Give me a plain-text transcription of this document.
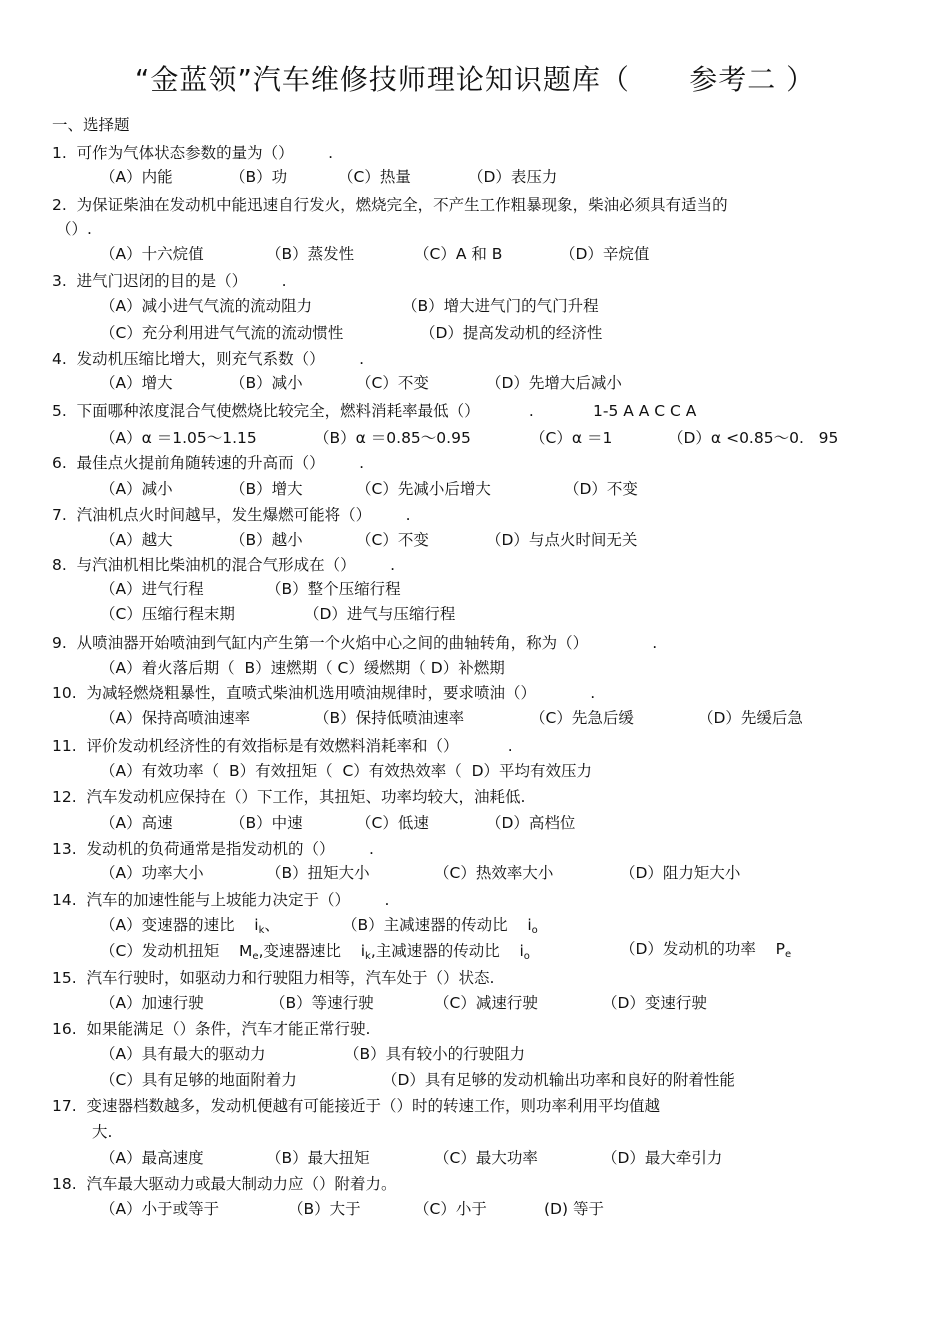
“金蓝领”汽车维修技师理论知识题库（      参考二 ）
一、选择题
1.  可作为气体状态参数的量为（）       .
（A）内能	（B）功	（C）热量	（D）表压力
2.  为保证柴油在发动机中能迅速自行发火，燃烧完全，不产生工作粗暴现象，柴油必须具有适当的
（）.
（A）十六烷值	（B）蒸发性	（C）A 和 B	（D）辛烷值
3.  进气门迟闭的目的是（）       .
（A）减小进气气流的流动阻力	（B）增大进气门的气门升程
（C）充分利用进气气流的流动惯性	（D）提高发动机的经济性
4.  发动机压缩比增大，则充气系数（）       .
（A）增大	（B）减小	（C）不变	（D）先增大后减小
5.  下面哪种浓度混合气使燃烧比较完全，燃料消耗率最低（）          .	1-5 A A C C A
（A）α ＝1.05～1.15	（B）α ＝0.85～0.95	（C）α ＝1	（D）α <0.85～0.   95
6.  最佳点火提前角随转速的升高而（）       .
（A）减小	（B）增大	（C）先减小后增大	（D）不变
7.  汽油机点火时间越早，发生爆燃可能将（）       .
（A）越大	（B）越小	（C）不变	（D）与点火时间无关
8.  与汽油机相比柴油机的混合气形成在（）       .
（A）进气行程	（B）整个压缩行程
（C）压缩行程末期	（D）进气与压缩行程
9.  从喷油器开始喷油到气缸内产生第一个火焰中心之间的曲轴转角，称为（）             .
（A）着火落后期（  B）速燃期（ C）缓燃期（ D）补燃期
10.  为减轻燃烧粗暴性，直喷式柴油机选用喷油规律时，要求喷油（）           .
（A）保持高喷油速率	（B）保持低喷油速率	（C）先急后缓	（D）先缓后急
11.  评价发动机经济性的有效指标是有效燃料消耗率和（）          .
（A）有效功率（  B）有效扭矩（  C）有效热效率（  D）平均有效压力
12.  汽车发动机应保持在（）下工作，其扭矩、功率均较大，油耗低.
（A）高速	（B）中速	（C）低速	（D）高档位
13.  发动机的负荷通常是指发动机的（）       .
（A）功率大小	（B）扭矩大小	（C）热效率大小	（D）阻力矩大小
14.  汽车的加速性能与上坡能力决定于（）       .
（A）变速器的速比    $i_k$、	（B）主减速器的传动比    $i_o$
（C）发动机扭矩    $M_e$,变速器速比    $i_k$,主减速器的传动比    $i_o$	（D）发动机的功率    $P_e$
15.  汽车行驶时，如驱动力和行驶阻力相等，汽车处于（）状态.
（A）加速行驶	（B）等速行驶	（C）减速行驶	（D）变速行驶
16.  如果能满足（）条件，汽车才能正常行驶.
（A）具有最大的驱动力	（B）具有较小的行驶阻力
（C）具有足够的地面附着力	（D）具有足够的发动机输出功率和良好的附着性能
17.  变速器档数越多，发动机便越有可能接近于（）时的转速工作，则功率利用平均值越
大.
（A）最高速度	（B）最大扭矩	（C）最大功率	（D）最大牵引力
18.  汽车最大驱动力或最大制动力应（）附着力。
（A）小于或等于	（B）大于	（C）小于	(D) 等于
